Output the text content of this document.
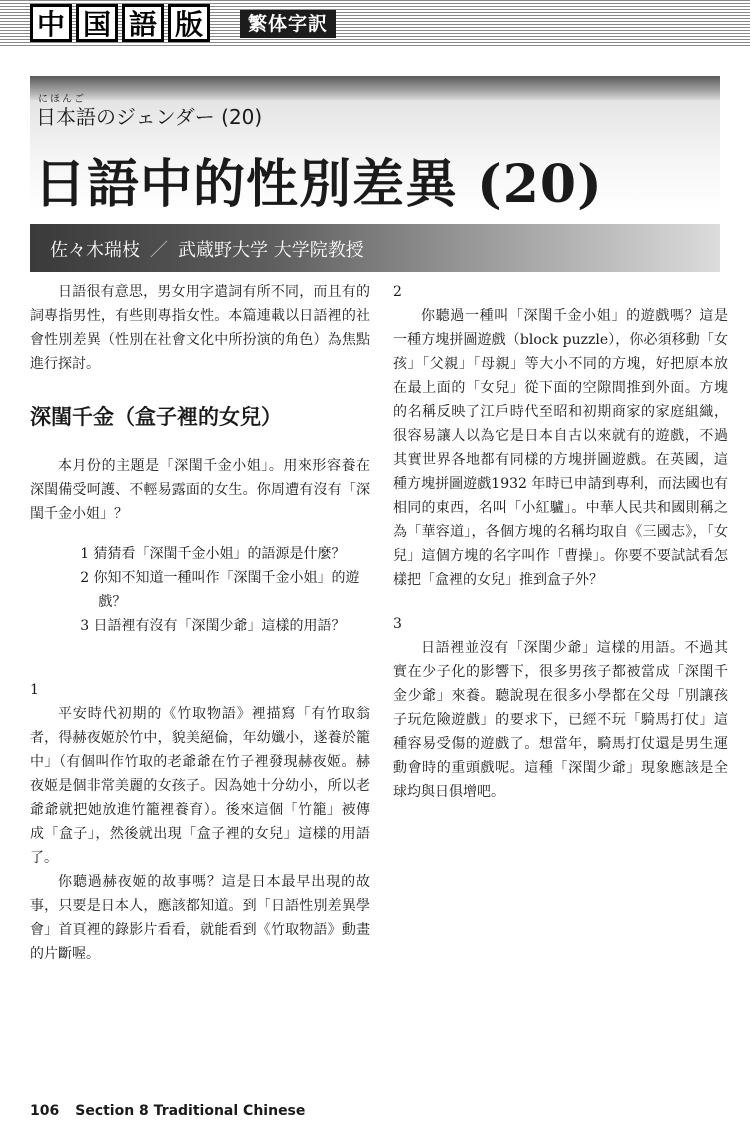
中 国 語 版	繁体字訳
にほんご
日本語のジェンダー (20)
日語中的性別差異 (20)
佐々木瑞枝 ／ 武蔵野大学 大学院教授

日語很有意思，男女用字遣詞有所不同，而且有的詞專指男性，有些則專指女性。本篇連載以日語裡的社會性別差異（性別在社會文化中所扮演的角色）為焦點進行探討。

深閨千金（盒子裡的女兒）

本月份的主題是「深閨千金小姐」。用來形容養在深閨備受呵護、不輕易露面的女生。你周遭有沒有「深閨千金小姐」？

1 猜猜看「深閨千金小姐」的語源是什麼？

2 你知不知道一種叫作「深閨千金小姐」的遊戲？

3 日語裡有沒有「深閨少爺」這樣的用語？

1

平安時代初期的《竹取物語》裡描寫「有竹取翁者，得赫夜姬於竹中，貌美絕倫，年幼孅小，遂養於籠中」（有個叫作竹取的老爺爺在竹子裡發現赫夜姬。赫夜姬是個非常美麗的女孩子。因為她十分幼小，所以老爺爺就把她放進竹籠裡養育）。後來這個「竹籠」被傳成「盒子」，然後就出現「盒子裡的女兒」這樣的用語了。

你聽過赫夜姬的故事嗎？這是日本最早出現的故事，只要是日本人，應該都知道。到「日語性別差異學會」首頁裡的錄影片看看，就能看到《竹取物語》動畫的片斷喔。

2

你聽過一種叫「深閨千金小姐」的遊戲嗎？這是一種方塊拼圖遊戲（block puzzle），你必須移動「女孩」「父親」「母親」等大小不同的方塊，好把原本放在最上面的「女兒」從下面的空隙間推到外面。方塊的名稱反映了江戶時代至昭和初期商家的家庭組織，很容易讓人以為它是日本自古以來就有的遊戲，不過其實世界各地都有同樣的方塊拼圖遊戲。在英國，這種方塊拼圖遊戲1932 年時已申請到專利，而法國也有相同的東西，名叫「小紅驢」。中華人民共和國則稱之為「華容道」，各個方塊的名稱均取自《三國志》，「女兒」這個方塊的名字叫作「曹操」。你要不要試試看怎樣把「盒裡的女兒」推到盒子外？

3

日語裡並沒有「深閨少爺」這樣的用語。不過其實在少子化的影響下，很多男孩子都被當成「深閨千金少爺」來養。聽說現在很多小學都在父母「別讓孩子玩危險遊戲」的要求下，已經不玩「騎馬打仗」這種容易受傷的遊戲了。想當年，騎馬打仗還是男生運動會時的重頭戲呢。這種「深閨少爺」現象應該是全球均與日俱增吧。

106 Section 8 Traditional Chinese
